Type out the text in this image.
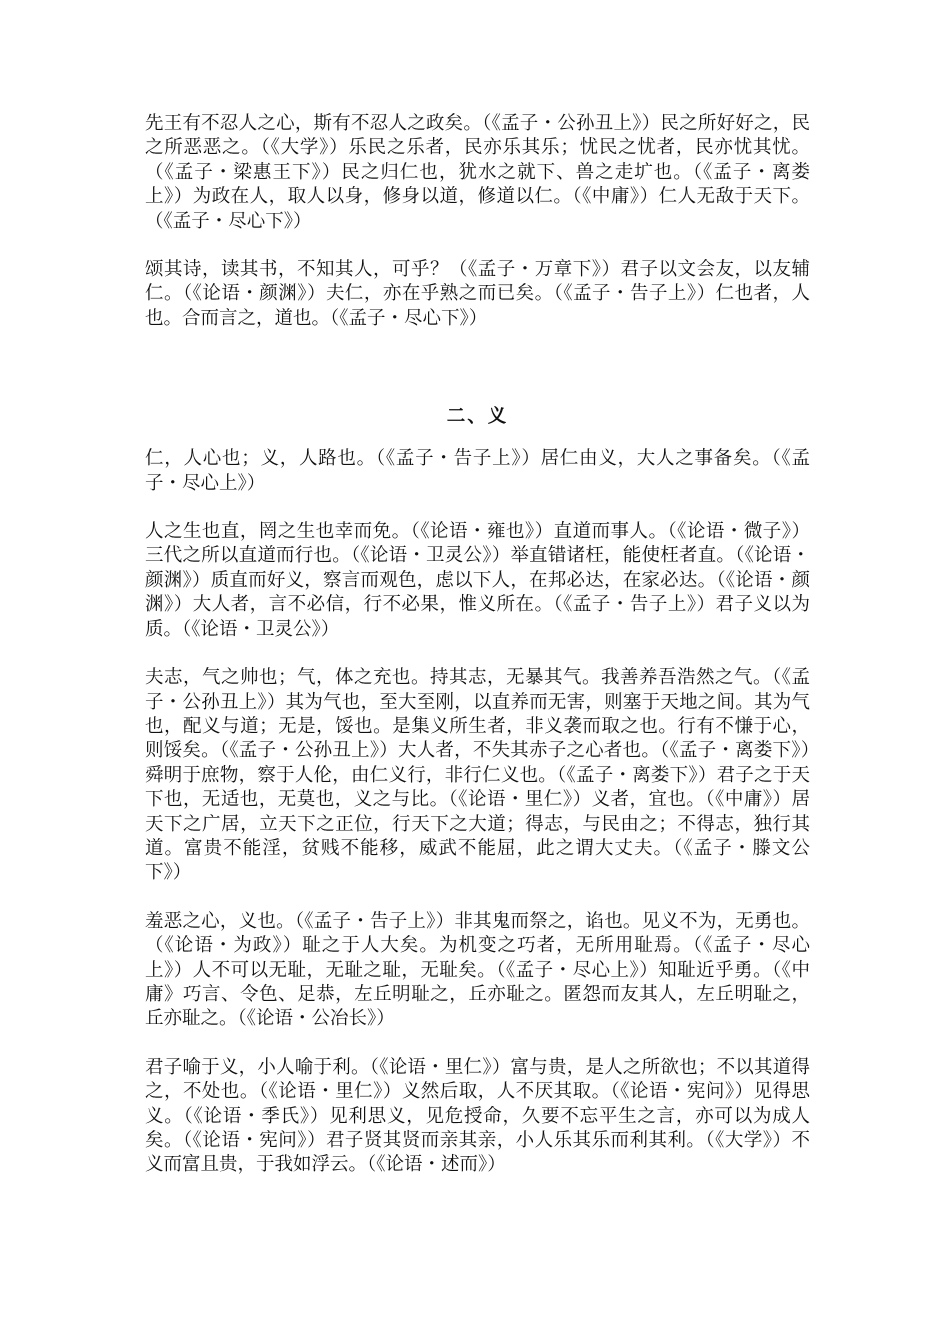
先王有不忍人之心，斯有不忍人之政矣。（《孟子・公孙丑上》）民之所好好之，民之所恶恶之。（《大学》）乐民之乐者，民亦乐其乐；忧民之忧者，民亦忧其忧。（《孟子・梁惠王下》）民之归仁也，犹水之就下、兽之走圹也。（《孟子・离娄上》）为政在人，取人以身，修身以道，修道以仁。（《中庸》）仁人无敌于天下。（《孟子・尽心下》）

颂其诗，读其书，不知其人，可乎？（《孟子・万章下》）君子以文会友，以友辅仁。（《论语・颜渊》）夫仁，亦在乎熟之而已矣。（《孟子・告子上》）仁也者，人也。合而言之，道也。（《孟子・尽心下》）

二、义

仁，人心也；义，人路也。（《孟子・告子上》）居仁由义，大人之事备矣。（《孟子・尽心上》）

人之生也直，罔之生也幸而免。（《论语・雍也》）直道而事人。（《论语・微子》）三代之所以直道而行也。（《论语・卫灵公》）举直错诸枉，能使枉者直。（《论语・颜渊》）质直而好义，察言而观色，虑以下人，在邦必达，在家必达。（《论语・颜渊》）大人者，言不必信，行不必果，惟义所在。（《孟子・告子上》）君子义以为质。（《论语・卫灵公》）

夫志，气之帅也；气，体之充也。持其志，无暴其气。我善养吾浩然之气。（《孟子・公孙丑上》）其为气也，至大至刚，以直养而无害，则塞于天地之间。其为气也，配义与道；无是，馁也。是集义所生者，非义袭而取之也。行有不慊于心，则馁矣。（《孟子・公孙丑上》）大人者，不失其赤子之心者也。（《孟子・离娄下》）舜明于庶物，察于人伦，由仁义行，非行仁义也。（《孟子・离娄下》）君子之于天下也，无适也，无莫也，义之与比。（《论语・里仁》）义者，宜也。（《中庸》）居天下之广居，立天下之正位，行天下之大道；得志，与民由之；不得志，独行其道。富贵不能淫，贫贱不能移，威武不能屈，此之谓大丈夫。（《孟子・滕文公下》）

羞恶之心，义也。（《孟子・告子上》）非其鬼而祭之，谄也。见义不为，无勇也。（《论语・为政》）耻之于人大矣。为机变之巧者，无所用耻焉。（《孟子・尽心上》）人不可以无耻，无耻之耻，无耻矣。（《孟子・尽心上》）知耻近乎勇。（《中庸》巧言、令色、足恭，左丘明耻之，丘亦耻之。匿怨而友其人，左丘明耻之，丘亦耻之。（《论语・公冶长》）

君子喻于义，小人喻于利。（《论语・里仁》）富与贵，是人之所欲也；不以其道得之，不处也。（《论语・里仁》）义然后取，人不厌其取。（《论语・宪问》）见得思义。（《论语・季氏》）见利思义，见危授命，久要不忘平生之言，亦可以为成人矣。（《论语・宪问》）君子贤其贤而亲其亲，小人乐其乐而利其利。（《大学》）不义而富且贵，于我如浮云。（《论语・述而》）
